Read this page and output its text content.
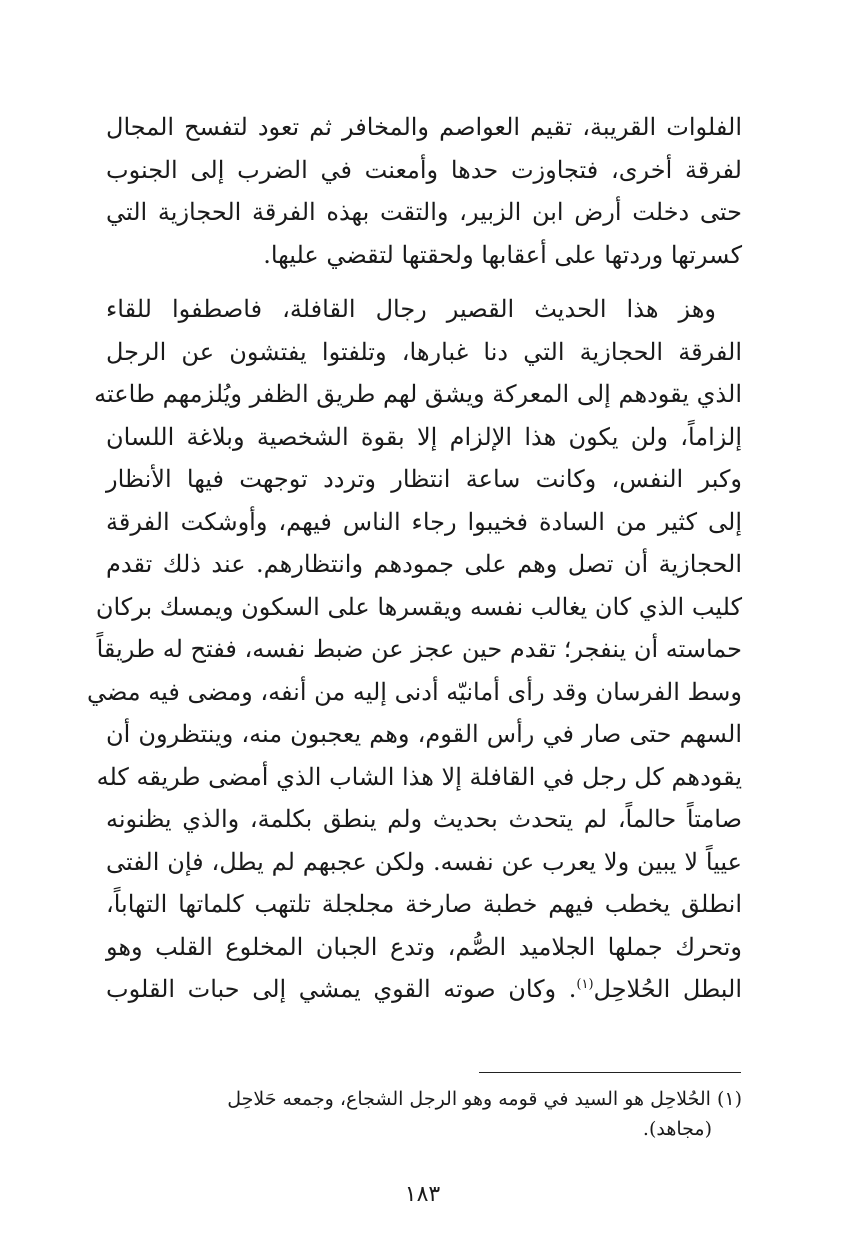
الفلوات القريبة، تقيم العواصم والمخافر ثم تعود لتفسح المجال
لفرقة أخرى، فتجاوزت حدها وأمعنت في الضرب إلى الجنوب
حتى دخلت أرض ابن الزبير، والتقت بهذه الفرقة الحجازية التي
كسرتها وردتها على أعقابها ولحقتها لتقضي عليها.

وهز هذا الحديث القصير رجال القافلة، فاصطفوا للقاء
الفرقة الحجازية التي دنا غبارها، وتلفتوا يفتشون عن الرجل
الذي يقودهم إلى المعركة ويشق لهم طريق الظفر ويُلزمهم طاعته
إلزاماً، ولن يكون هذا الإلزام إلا بقوة الشخصية وبلاغة اللسان
وكبر النفس، وكانت ساعة انتظار وتردد توجهت فيها الأنظار
إلى كثير من السادة فخيبوا رجاء الناس فيهم، وأوشكت الفرقة
الحجازية أن تصل وهم على جمودهم وانتظارهم. عند ذلك تقدم
كليب الذي كان يغالب نفسه ويقسرها على السكون ويمسك بركان
حماسته أن ينفجر؛ تقدم حين عجز عن ضبط نفسه، ففتح له طريقاً
وسط الفرسان وقد رأى أمانيّه أدنى إليه من أنفه، ومضى فيه مضي
السهم حتى صار في رأس القوم، وهم يعجبون منه، وينتظرون أن
يقودهم كل رجل في القافلة إلا هذا الشاب الذي أمضى طريقه كله
صامتاً حالماً، لم يتحدث بحديث ولم ينطق بكلمة، والذي يظنونه
عيياً لا يبين ولا يعرب عن نفسه. ولكن عجبهم لم يطل، فإن الفتى
انطلق يخطب فيهم خطبة صارخة مجلجلة تلتهب كلماتها التهاباً،
وتحرك جملها الجلاميد الصُّم، وتدع الجبان المخلوع القلب وهو
البطل الحُلاحِل$^{(١)}$. وكان صوته القوي يمشي إلى حبات القلوب

(١) الحُلاحِل هو السيد في قومه وهو الرجل الشجاع، وجمعه حَلاحِل
(مجاهد).
١٨٣
